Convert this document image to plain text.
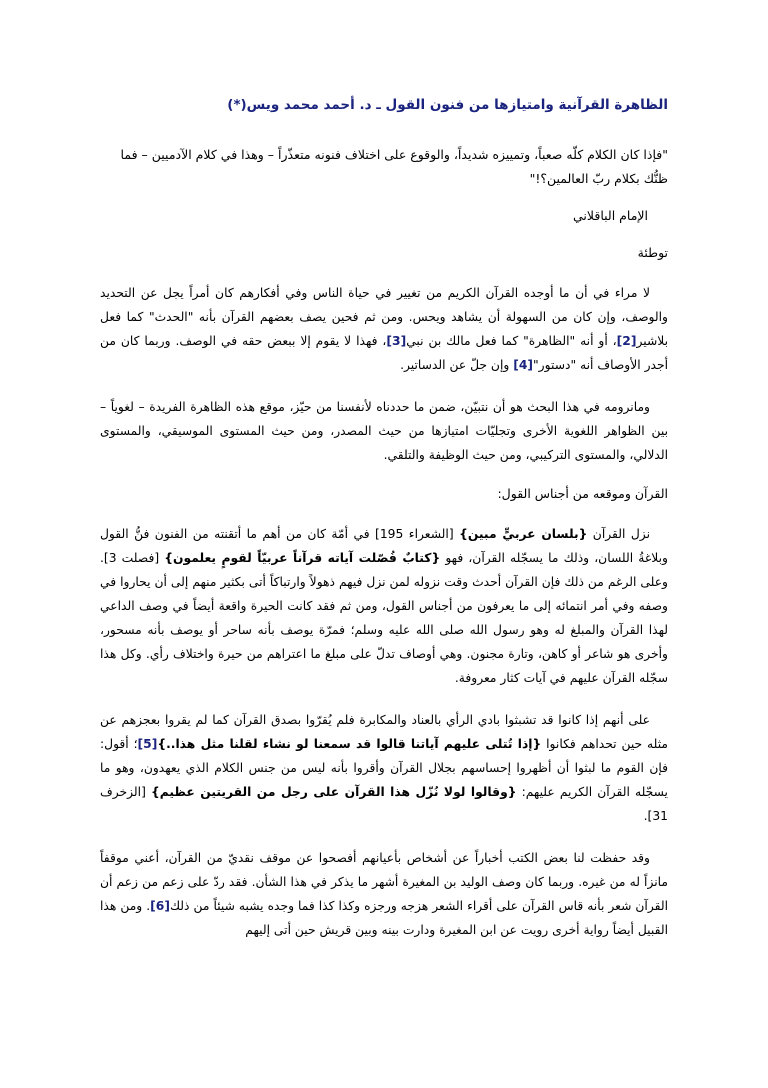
الظاهرة القرآنية وامتيازها من فنون القول ـ د. أحمد محمد ويس(*)
"فإذا كان الكلام كلّه صعباً، وتمييزه شديداً، والوقوع على اختلاف فنونه متعذّراً – وهذا في كلام الآدميين – فما ظنُّك بكلام ربّ العالمين؟!"
الإمام الباقلاني
توطئة

لا مراء في أن ما أوجده القرآن الكريم من تغيير في حياة الناس وفي أفكارهم كان أمراً يجل عن التحديد والوصف، وإن كان من السهولة أن يشاهد ويحس. ومن ثم فحين يصف بعضهم القرآن بأنه "الحدث" كما فعل بلاشير[2]، أو أنه "الظاهرة" كما فعل مالك بن نبي[3]، فهذا لا يقوم إلا ببعض حقه في الوصف. وربما كان من أجدر الأوصاف أنه "دستور"[4] وإن جلّ عن الدساتير.

ومانرومه في هذا البحث هو أن نتبيّن، ضمن ما حددناه لأنفسنا من حيّز، موقع هذه الظاهرة الفريدة – لغوياً – بين الظواهر اللغوية الأخرى وتجليّات امتيازها من حيث المصدر، ومن حيث المستوى الموسيقي، والمستوى الدلالي، والمستوى التركيبي، ومن حيث الوظيفة والتلقي.

القرآن وموقعه من أجناس القول:

نزل القرآن {بلسان عربيٍّ مبين} [الشعراء 195] في أمّة كان من أهم ما أتقنته من الفنون فنُّ القول وبلاغةُ اللسان، وذلك ما يسجّله القرآن، فهو {كتابٌ فُصّلت آياته قرآناً عربيّاً لقومٍ يعلمون} [فصلت 3]. وعلى الرغم من ذلك فإن القرآن أحدث وقت نزوله لمن نزل فيهم ذهولاً وارتباكاً أتى بكثير منهم إلى أن يحاروا في وصفه وفي أمر انتمائه إلى ما يعرفون من أجناس القول، ومن ثم فقد كانت الحيرة واقعة أيضاً في وصف الداعي لهذا القرآن والمبلغ له وهو رسول الله صلى الله عليه وسلم؛ فمرّة يوصف بأنه ساحر أو يوصف بأنه مسحور، وأخرى هو شاعر أو كاهن، وتارة مجنون. وهي أوصاف تدلّ على مبلغ ما اعتراهم من حيرة واختلاف رأي. وكل هذا سجّله القرآن عليهم في آيات كثار معروفة.

على أنهم إذا كانوا قد تشبثوا بادي الرأي بالعناد والمكابرة فلم يُقرّوا بصدق القرآن كما لم يقروا بعجزهم عن مثله حين تحداهم فكانوا {إذا تُتلى عليهم آياتنا قالوا قد سمعنا لو نشاء لقلنا مثل هذا..}[5]؛ أقول: فإن القوم ما لبثوا أن أظهروا إحساسهم بجلال القرآن وأقروا بأنه ليس من جنس الكلام الذي يعهدون، وهو ما يسجّله القرآن الكريم عليهم: {وقالوا لولا نُزّل هذا القرآن على رجل من القريتين عظيم} [الزخرف 31].

وقد حفظت لنا بعض الكتب أخباراً عن أشخاص بأعيانهم أفصحوا عن موقف نقديّ من القرآن، أعني موقفاً مانزاً له من غيره. وربما كان وصف الوليد بن المغيرة أشهر ما يذكر في هذا الشأن. فقد ردّ على زعم من زعم أن القرآن شعر بأنه قاس القرآن على أقراء الشعر هزجه ورجزه وكذا كذا فما وجده يشبه شيئاً من ذلك[6]. ومن هذا القبيل أيضاً رواية أخرى رويت عن ابن المغيرة ودارت بينه وبين قريش حين أتى إليهم
